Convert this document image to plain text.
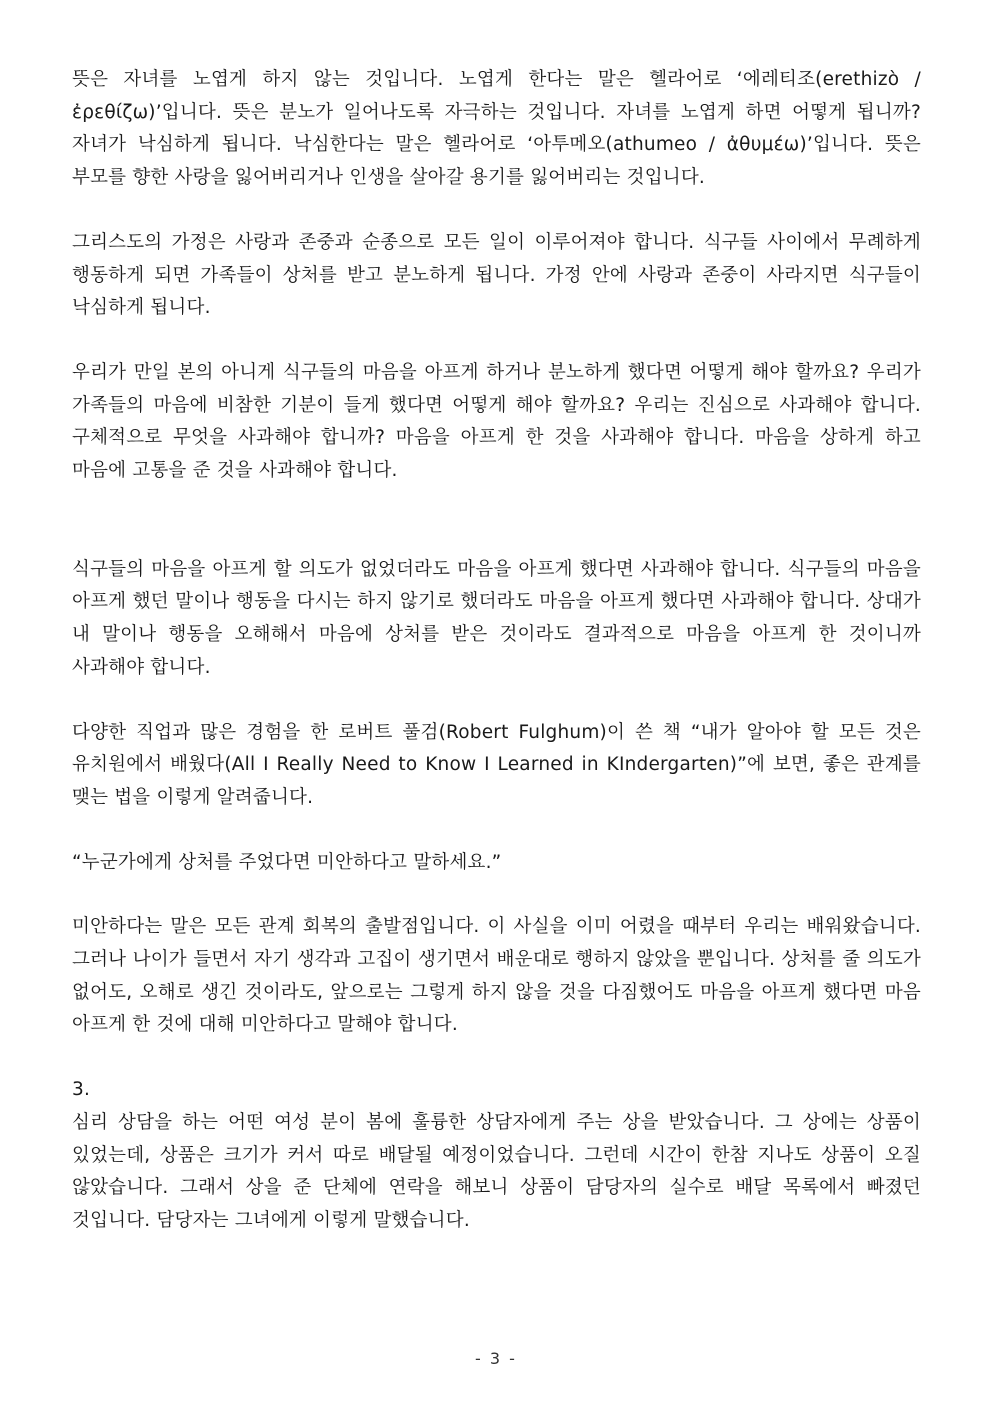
뜻은 자녀를 노엽게 하지 않는 것입니다. 노엽게 한다는 말은 헬라어로 ‘에레티조(erethizò / ἐρεθίζω)’입니다. 뜻은 분노가 일어나도록 자극하는 것입니다. 자녀를 노엽게 하면 어떻게 됩니까? 자녀가 낙심하게 됩니다. 낙심한다는 말은 헬라어로 ‘아투메오(athumeo / ἀθυμέω)’입니다. 뜻은 부모를 향한 사랑을 잃어버리거나 인생을 살아갈 용기를 잃어버리는 것입니다.

그리스도의 가정은 사랑과 존중과 순종으로 모든 일이 이루어져야 합니다. 식구들 사이에서 무례하게 행동하게 되면 가족들이 상처를 받고 분노하게 됩니다. 가정 안에 사랑과 존중이 사라지면 식구들이 낙심하게 됩니다.

우리가 만일 본의 아니게 식구들의 마음을 아프게 하거나 분노하게 했다면 어떻게 해야 할까요? 우리가 가족들의 마음에 비참한 기분이 들게 했다면 어떻게 해야 할까요? 우리는 진심으로 사과해야 합니다. 구체적으로 무엇을 사과해야 합니까? 마음을 아프게 한 것을 사과해야 합니다. 마음을 상하게 하고 마음에 고통을 준 것을 사과해야 합니다.

식구들의 마음을 아프게 할 의도가 없었더라도 마음을 아프게 했다면 사과해야 합니다. 식구들의 마음을 아프게 했던 말이나 행동을 다시는 하지 않기로 했더라도 마음을 아프게 했다면 사과해야 합니다. 상대가 내 말이나 행동을 오해해서 마음에 상처를 받은 것이라도 결과적으로 마음을 아프게 한 것이니까 사과해야 합니다.

다양한 직업과 많은 경험을 한 로버트 풀검(Robert Fulghum)이 쓴 책 “내가 알아야 할 모든 것은 유치원에서 배웠다(All I Really Need to Know I Learned in KIndergarten)”에 보면, 좋은 관계를 맺는 법을 이렇게 알려줍니다.

“누군가에게 상처를 주었다면 미안하다고 말하세요.”

미안하다는 말은 모든 관계 회복의 출발점입니다. 이 사실을 이미 어렸을 때부터 우리는 배워왔습니다. 그러나 나이가 들면서 자기 생각과 고집이 생기면서 배운대로 행하지 않았을 뿐입니다. 상처를 줄 의도가 없어도, 오해로 생긴 것이라도, 앞으로는 그렇게 하지 않을 것을 다짐했어도 마음을 아프게 했다면 마음 아프게 한 것에 대해 미안하다고 말해야 합니다.

3.

심리 상담을 하는 어떤 여성 분이 봄에 훌륭한 상담자에게 주는 상을 받았습니다. 그 상에는 상품이 있었는데, 상품은 크기가 커서 따로 배달될 예정이었습니다. 그런데 시간이 한참 지나도 상품이 오질 않았습니다. 그래서 상을 준 단체에 연락을 해보니 상품이 담당자의 실수로 배달 목록에서 빠졌던 것입니다. 담당자는 그녀에게 이렇게 말했습니다.

- 3 -
